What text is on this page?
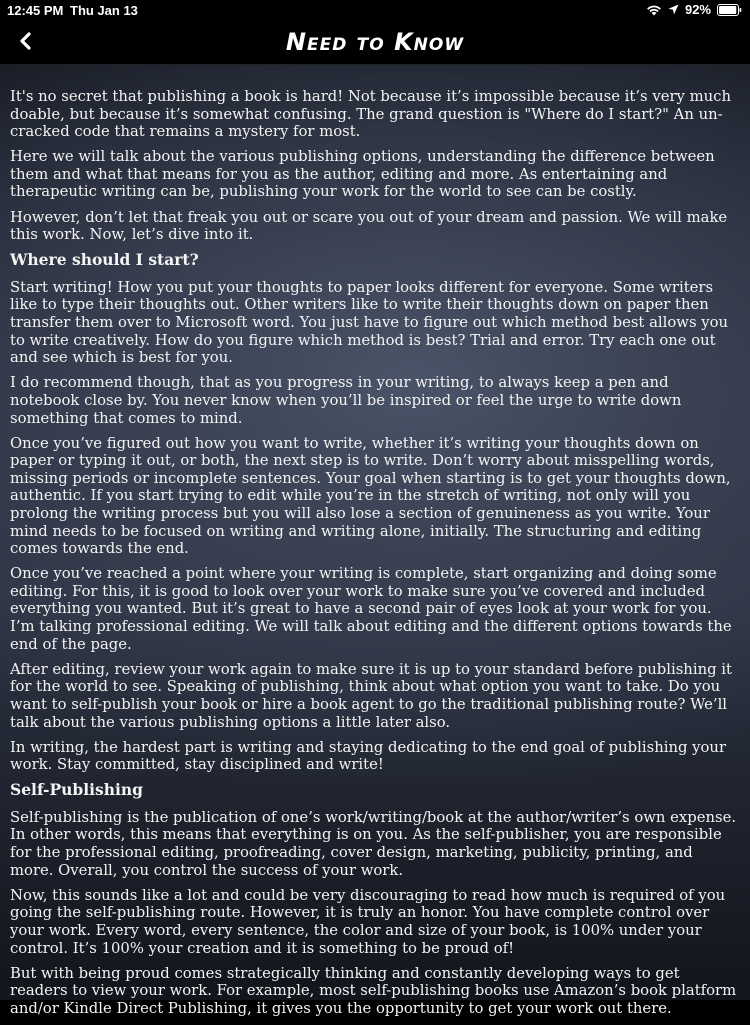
12:45 PM Thu Jan 13	92%
Need to Know

It's no secret that publishing a book is hard! Not because it’s impossible because it’s very much doable, but because it’s somewhat confusing. The grand question is "Where do I start?" An un-cracked code that remains a mystery for most.

Here we will talk about the various publishing options, understanding the difference between them and what that means for you as the author, editing and more. As entertaining and therapeutic writing can be, publishing your work for the world to see can be costly.

However, don’t let that freak you out or scare you out of your dream and passion. We will make this work. Now, let’s dive into it.

Where should I start?

Start writing! How you put your thoughts to paper looks different for everyone. Some writers like to type their thoughts out. Other writers like to write their thoughts down on paper then transfer them over to Microsoft word. You just have to figure out which method best allows you to write creatively. How do you figure which method is best? Trial and error. Try each one out and see which is best for you.

I do recommend though, that as you progress in your writing, to always keep a pen and notebook close by. You never know when you’ll be inspired or feel the urge to write down something that comes to mind.

Once you’ve figured out how you want to write, whether it’s writing your thoughts down on paper or typing it out, or both, the next step is to write. Don’t worry about misspelling words, missing periods or incomplete sentences. Your goal when starting is to get your thoughts down, authentic. If you start trying to edit while you’re in the stretch of writing, not only will you prolong the writing process but you will also lose a section of genuineness as you write. Your mind needs to be focused on writing and writing alone, initially. The structuring and editing comes towards the end.

Once you’ve reached a point where your writing is complete, start organizing and doing some editing. For this, it is good to look over your work to make sure you’ve covered and included everything you wanted. But it’s great to have a second pair of eyes look at your work for you. I’m talking professional editing. We will talk about editing and the different options towards the end of the page.

After editing, review your work again to make sure it is up to your standard before publishing it for the world to see. Speaking of publishing, think about what option you want to take. Do you want to self-publish your book or hire a book agent to go the traditional publishing route? We’ll talk about the various publishing options a little later also.

In writing, the hardest part is writing and staying dedicating to the end goal of publishing your work. Stay committed, stay disciplined and write!

Self-Publishing

Self-publishing is the publication of one’s work/writing/book at the author/writer’s own expense. In other words, this means that everything is on you. As the self-publisher, you are responsible for the professional editing, proofreading, cover design, marketing, publicity, printing, and more. Overall, you control the success of your work.

Now, this sounds like a lot and could be very discouraging to read how much is required of you going the self-publishing route. However, it is truly an honor. You have complete control over your work. Every word, every sentence, the color and size of your book, is 100% under your control. It’s 100% your creation and it is something to be proud of!

But with being proud comes strategically thinking and constantly developing ways to get readers to view your work. For example, most self-publishing books use Amazon’s book platform and/or Kindle Direct Publishing, it gives you the opportunity to get your work out there.
